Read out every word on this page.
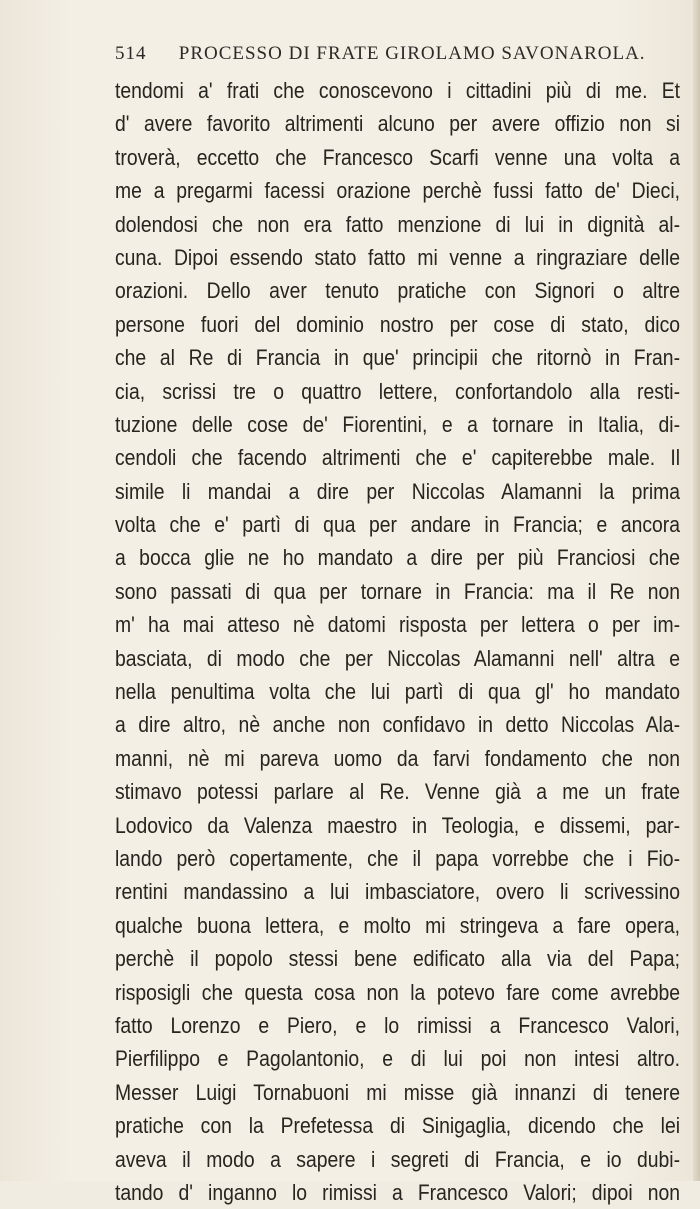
514 PROCESSO DI FRATE GIROLAMO SAVONAROLA.
tendomi a' frati che conoscevono i cittadini più di me. Et
d' avere favorito altrimenti alcuno per avere offizio non si
troverà, eccetto che Francesco Scarfi venne una volta a
me a pregarmi facessi orazione perchè fussi fatto de' Dieci,
dolendosi che non era fatto menzione di lui in dignità al-
cuna. Dipoi essendo stato fatto mi venne a ringraziare delle
orazioni. Dello aver tenuto pratiche con Signori o altre
persone fuori del dominio nostro per cose di stato, dico
che al Re di Francia in que' principii che ritornò in Fran-
cia, scrissi tre o quattro lettere, confortandolo alla resti-
tuzione delle cose de' Fiorentini, e a tornare in Italia, di-
cendoli che facendo altrimenti che e' capiterebbe male. Il
simile li mandai a dire per Niccolas Alamanni la prima
volta che e' partì di qua per andare in Francia; e ancora
a bocca glie ne ho mandato a dire per più Franciosi che
sono passati di qua per tornare in Francia: ma il Re non
m' ha mai atteso nè datomi risposta per lettera o per im-
basciata, di modo che per Niccolas Alamanni nell' altra e
nella penultima volta che lui partì di qua gl' ho mandato
a dire altro, nè anche non confidavo in detto Niccolas Ala-
manni, nè mi pareva uomo da farvi fondamento che non
stimavo potessi parlare al Re. Venne già a me un frate
Lodovico da Valenza maestro in Teologia, e dissemi, par-
lando però copertamente, che il papa vorrebbe che i Fio-
rentini mandassino a lui imbasciatore, overo li scrivessino
qualche buona lettera, e molto mi stringeva a fare opera,
perchè il popolo stessi bene edificato alla via del Papa;
risposigli che questa cosa non la potevo fare come avrebbe
fatto Lorenzo e Piero, e lo rimissi a Francesco Valori,
Pierfilippo e Pagolantonio, e di lui poi non intesi altro.
Messer Luigi Tornabuoni mi misse già innanzi di tenere
pratiche con la Prefetessa di Sinigaglia, dicendo che lei
aveva il modo a sapere i segreti di Francia, e io dubi-
tando d' inganno lo rimissi a Francesco Valori; dipoi non
